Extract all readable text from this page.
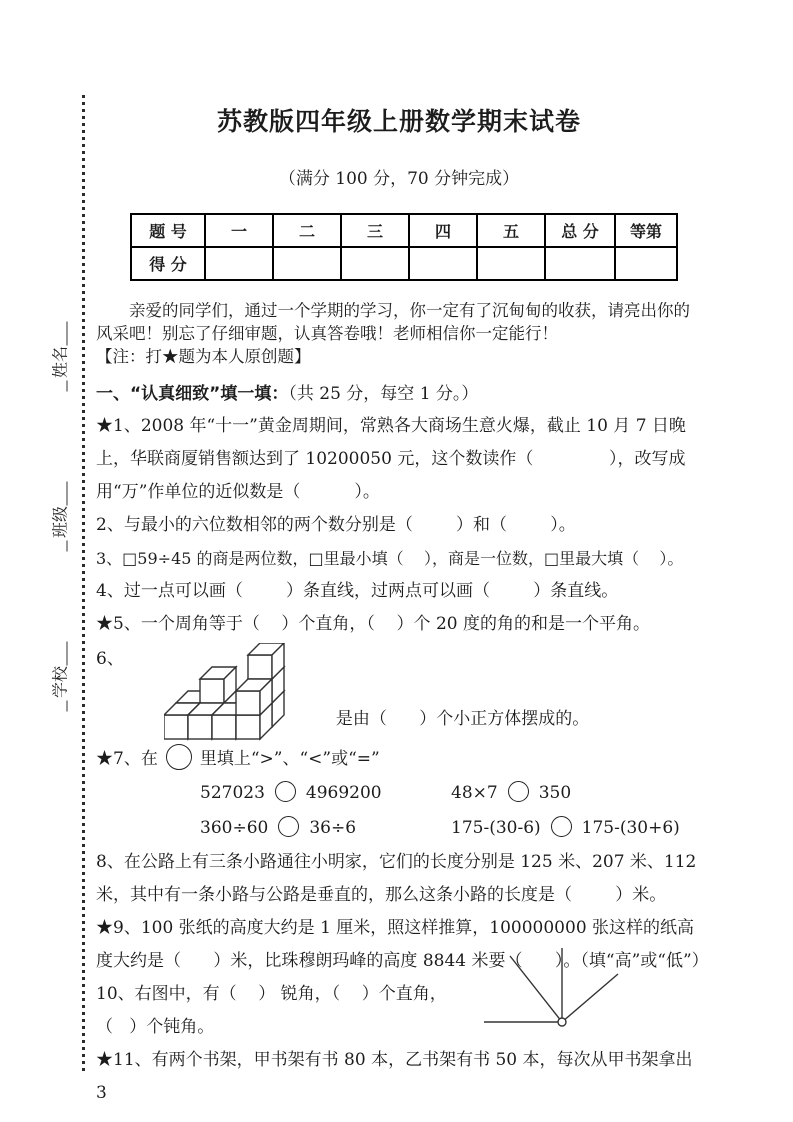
姓名
班级
学校
苏教版四年级上册数学期末试卷
（满分 100 分，70 分钟完成）
题 号	一	二	三	四	五	总 分	等第
得 分							

亲爱的同学们，通过一个学期的学习，你一定有了沉甸甸的收获，请亮出你的风采吧！别忘了仔细审题，认真答卷哦！老师相信你一定能行！

【注：打★题为本人原创题】

一、“认真细致”填一填：（共 25 分，每空 1 分。）

★1、2008 年“十一”黄金周期间，常熟各大商场生意火爆，截止 10 月 7 日晚上，华联商厦销售额达到了 10200050 元，这个数读作（              ），改写成用“万”作单位的近似数是（          ）。

2、与最小的六位数相邻的两个数分别是（        ）和（        ）。

3、□59÷45 的商是两位数，□里最小填（    ），商是一位数，□里最大填（    ）。

4、过一点可以画（        ）条直线，过两点可以画（        ）条直线。

★5、一个周角等于（    ）个直角，（    ）个 20 度的角的和是一个平角。

6、
是由（      ）个小正方体摆成的。

★7、在 里填上“>”、“<”或“=”

527023 4969200	48×7 350
360÷60 36÷6	175-(30-6) 175-(30+6)

8、在公路上有三条小路通往小明家，它们的长度分别是 125 米、207 米、112 米，其中有一条小路与公路是垂直的，那么这条小路的长度是（        ）米。

★9、100 张纸的高度大约是 1 厘米，照这样推算，100000000 张这样的纸高度大约是（      ）米，比珠穆朗玛峰的高度 8844 米要（      ）。（填“高”或“低”）

10、右图中，有（    ） 锐角，（    ）个直角，

（   ）个钝角。

★11、有两个书架，甲书架有书 80 本，乙书架有书 50 本，每次从甲书架拿出 3
